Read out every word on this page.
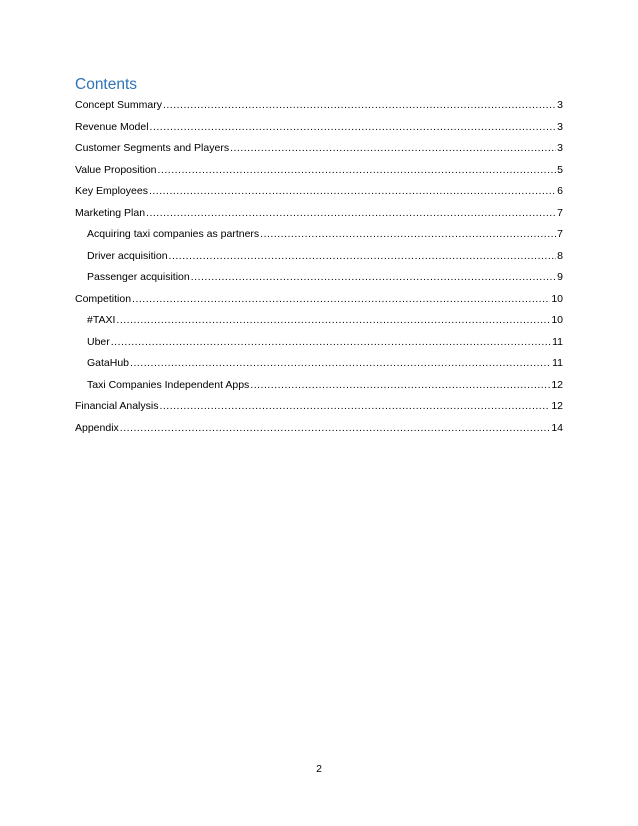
Contents
Concept Summary .....	3
Revenue Model .....	3
Customer Segments and Players .....	3
Value Proposition .....	5
Key Employees .....	6
Marketing Plan .....	7
Acquiring taxi companies as partners .....	7
Driver acquisition .....	8
Passenger acquisition .....	9
Competition .....	10
#TAXI .....	10
Uber .....	11
GataHub .....	11
Taxi Companies Independent Apps .....	12
Financial Analysis .....	12
Appendix .....	14
2
